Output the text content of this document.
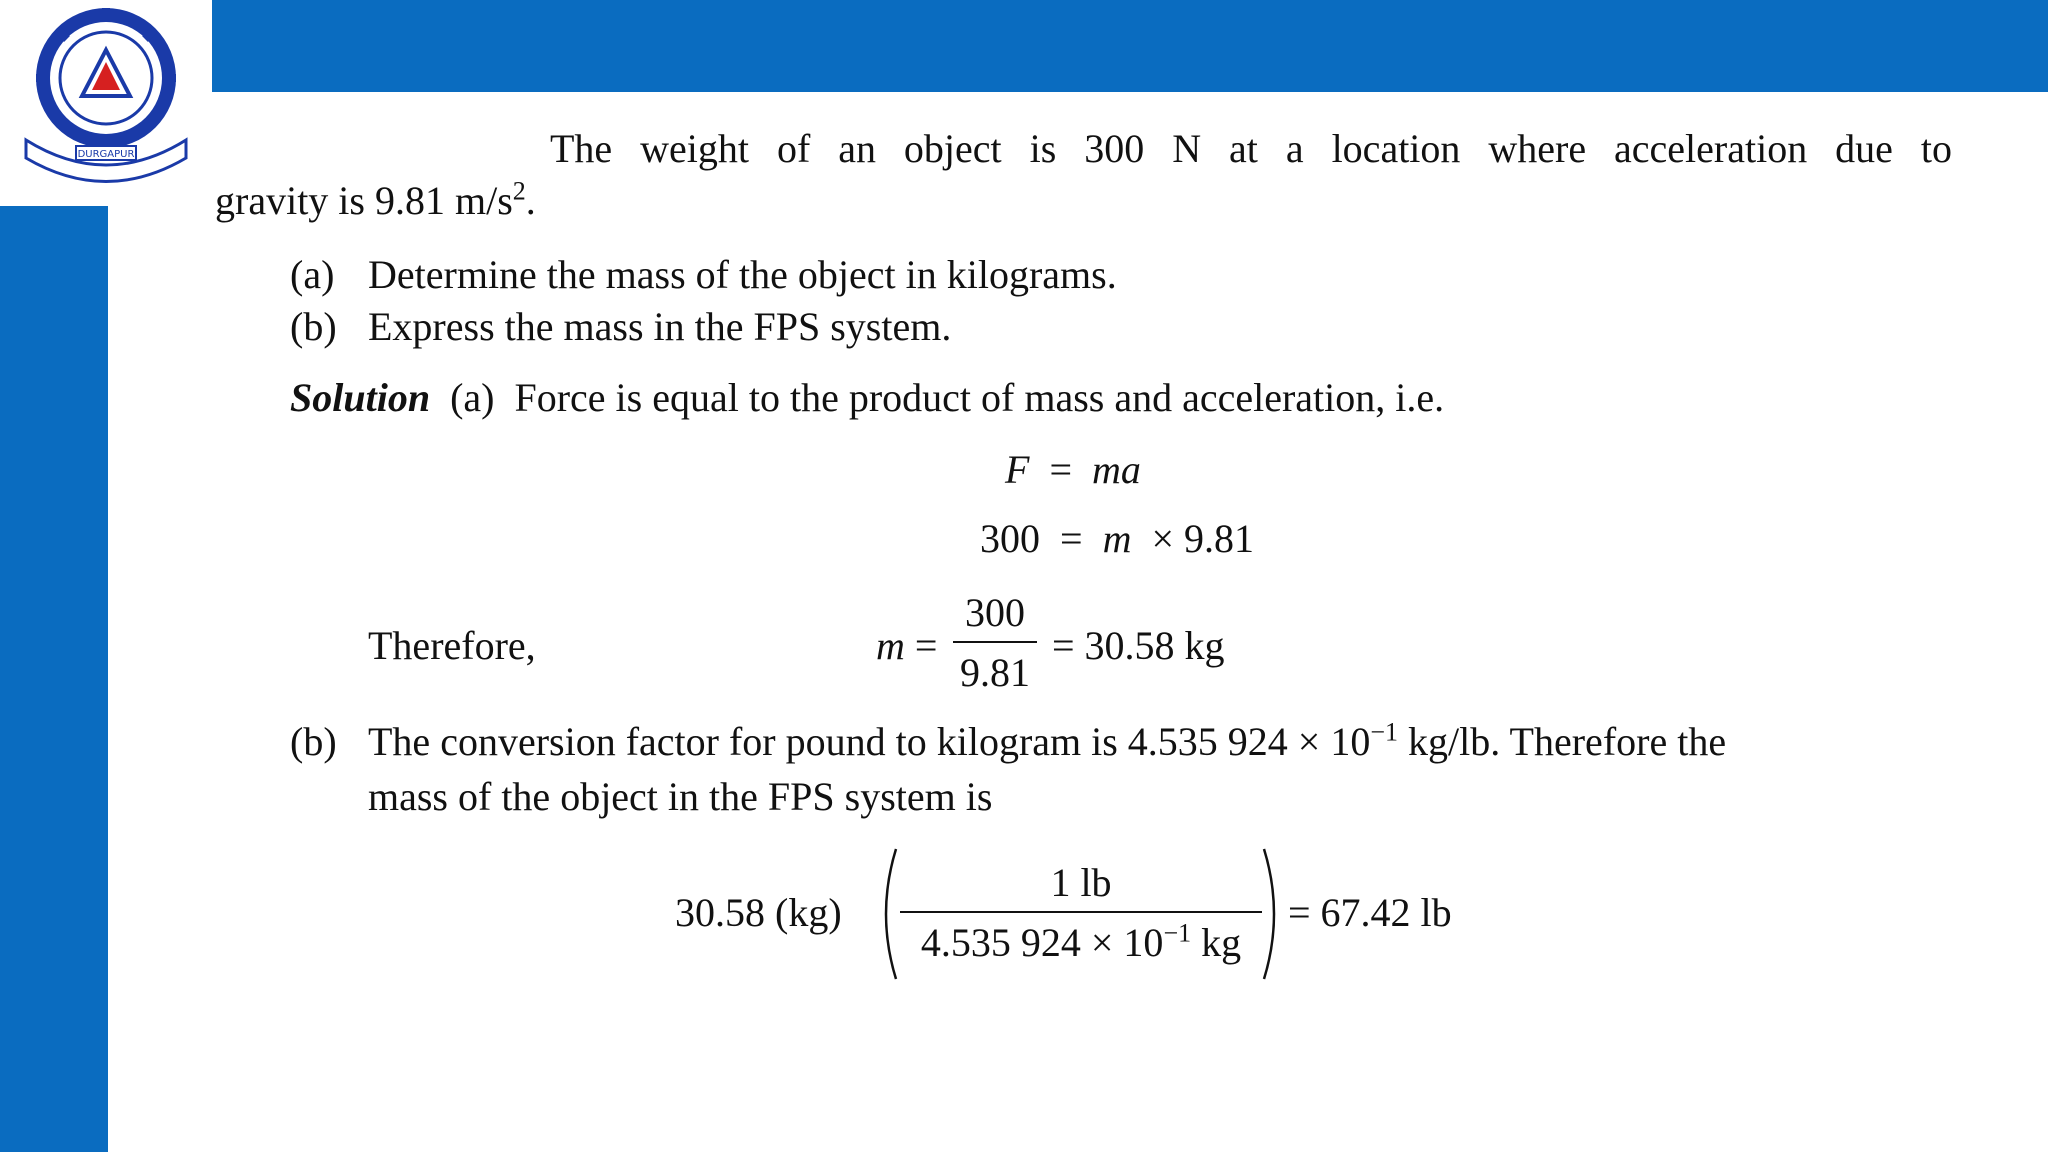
DURGAPUR	The weight of an object is 300 N at a location where acceleration due to
gravity is 9.81 $m/s^2$.
(a) Determine the mass of the object in kilograms.
(b) Express the mass in the FPS system.
Solution (a) Force is equal to the product of mass and acceleration, i.e.
F = ma
300 = m × 9.81
Therefore,	m =
300
9.81
= 30.58 kg
(b) The conversion factor for pound to kilogram is 4.535 $924 \times 10^{-1}$ kg/lb. Therefore the
mass of the object in the FPS system is
30.58 (kg)
1 lb
4.535 $924 \times 10^{-1}$ kg
= 67.42 lb
